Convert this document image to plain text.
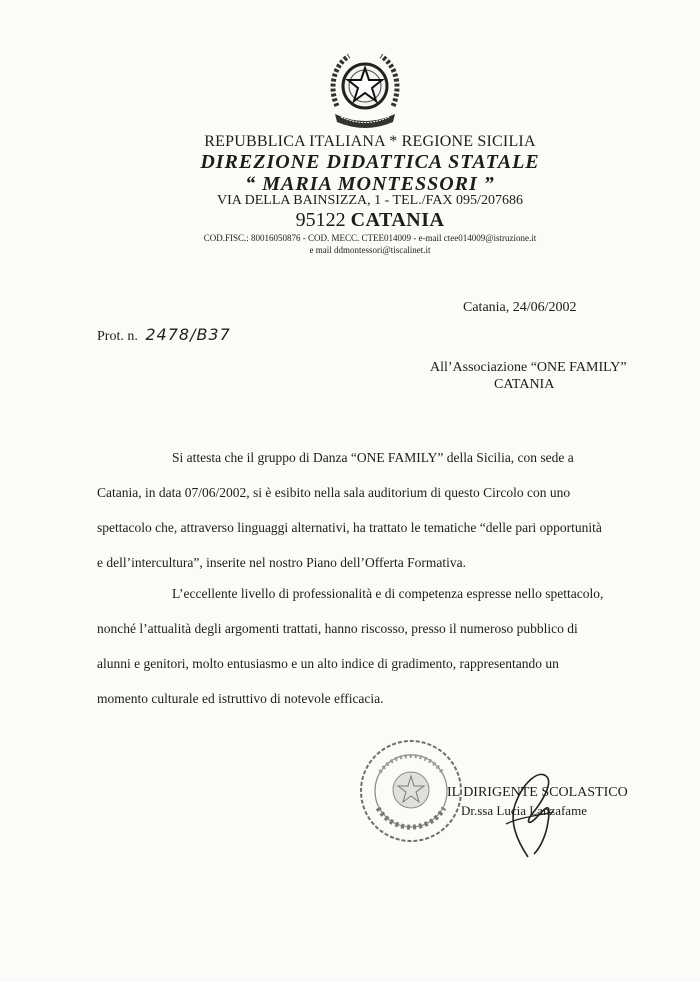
REPUBBLICA ITALIANA * REGIONE SICILIA
DIREZIONE DIDATTICA STATALE
“ MARIA MONTESSORI ”
VIA DELLA BAINSIZZA, 1 - TEL./FAX 095/207686
95122 CATANIA
COD.FISC.: 80016050876 - COD. MECC. CTEE014009 - e-mail ctee014009@istruzione.it
e mail ddmontessori@tiscalinet.it
Catania, 24/06/2002
Prot. n. 2478/B37
All’Associazione “ONE FAMILY”
CATANIA
Si attesta che il gruppo di Danza “ONE FAMILY” della Sicilia, con sede a
Catania, in data 07/06/2002, si è esibito nella sala auditorium di questo Circolo con uno
spettacolo che, attraverso linguaggi alternativi, ha trattato le tematiche “delle pari opportunità
e dell’intercultura”, inserite nel nostro Piano dell’Offerta Formativa.
L’eccellente livello di professionalità e di competenza espresse nello spettacolo,
nonché l’attualità degli argomenti trattati, hanno riscosso, presso il numeroso pubblico di
alunni e genitori, molto entusiasmo e un alto indice di gradimento, rappresentando un
momento culturale ed istruttivo di notevole efficacia.
IL DIRIGENTE SCOLASTICO
Dr.ssa Lucia Lanzafame
